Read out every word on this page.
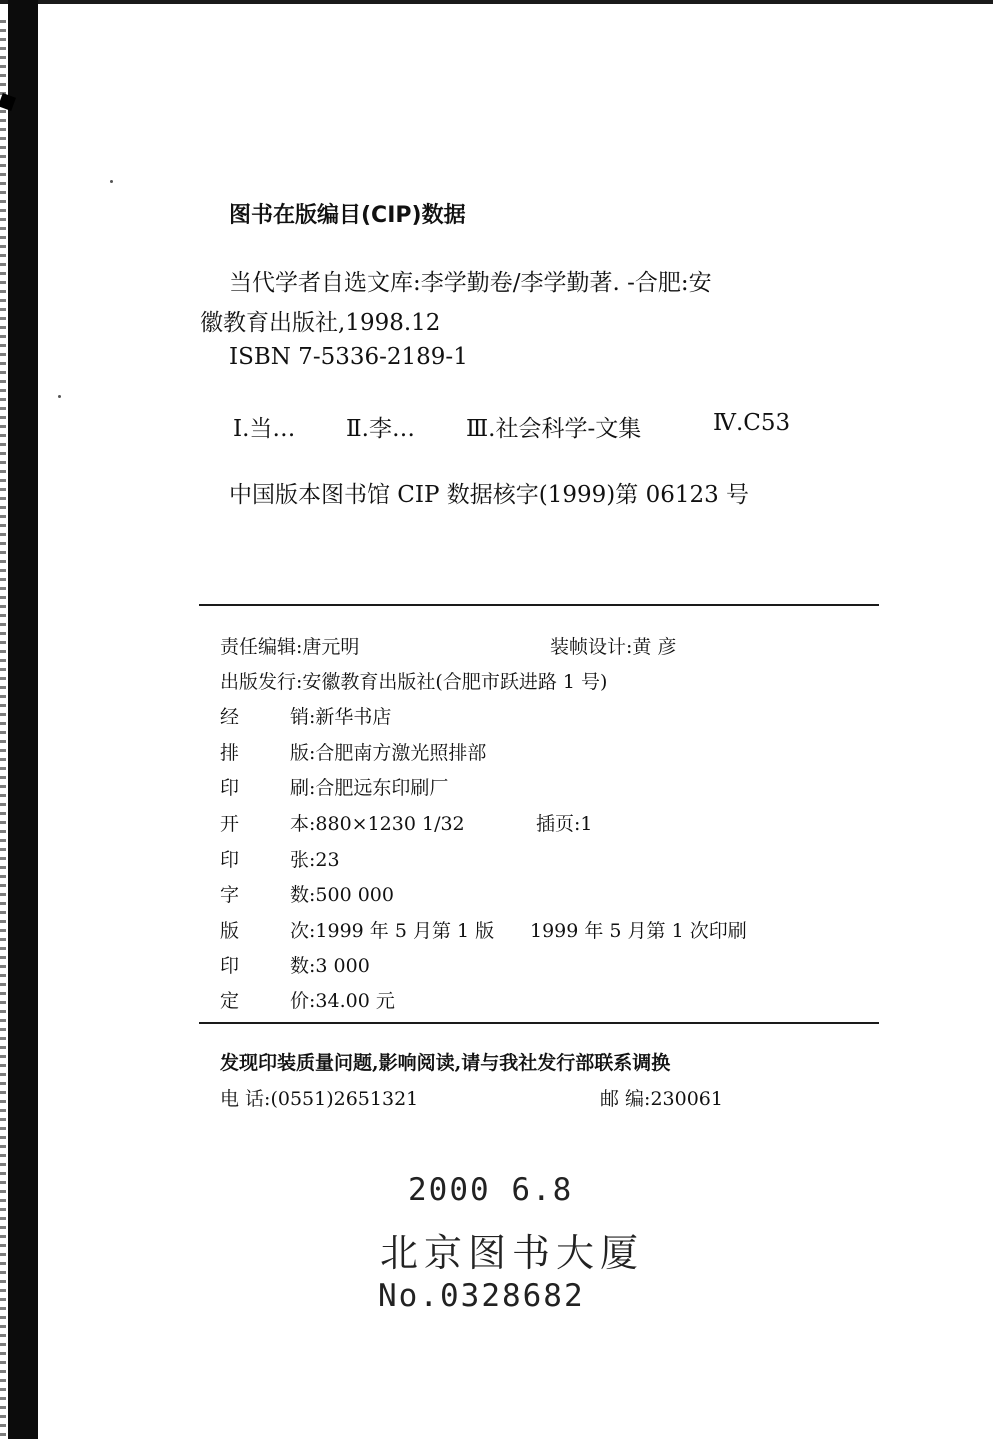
图书在版编目(CIP)数据
当代学者自选文库:李学勤卷/李学勤著. -合肥:安
徽教育出版社,1998.12
ISBN 7-5336-2189-1
Ⅰ.当… Ⅱ.李… Ⅲ.社会科学-文集	Ⅳ.C53
中国版本图书馆 CIP 数据核字(1999)第 06123 号
责任编辑:唐元明	装帧设计:黄 彦
出版发行:安徽教育出版社(合肥市跃进路 1 号)
经	销:新华书店
排	版:合肥南方激光照排部
印	刷:合肥远东印刷厂
开	本:880×1230 1/32	插页:1
印	张:23
字	数:500 000
版	次:1999 年 5 月第 1 版 1999 年 5 月第 1 次印刷
印	数:3 000
定	价:34.00 元
发现印装质量问题,影响阅读,请与我社发行部联系调换
电 话:(0551)2651321	邮 编:230061
2000 6.8
北京图书大厦
No.0328682
